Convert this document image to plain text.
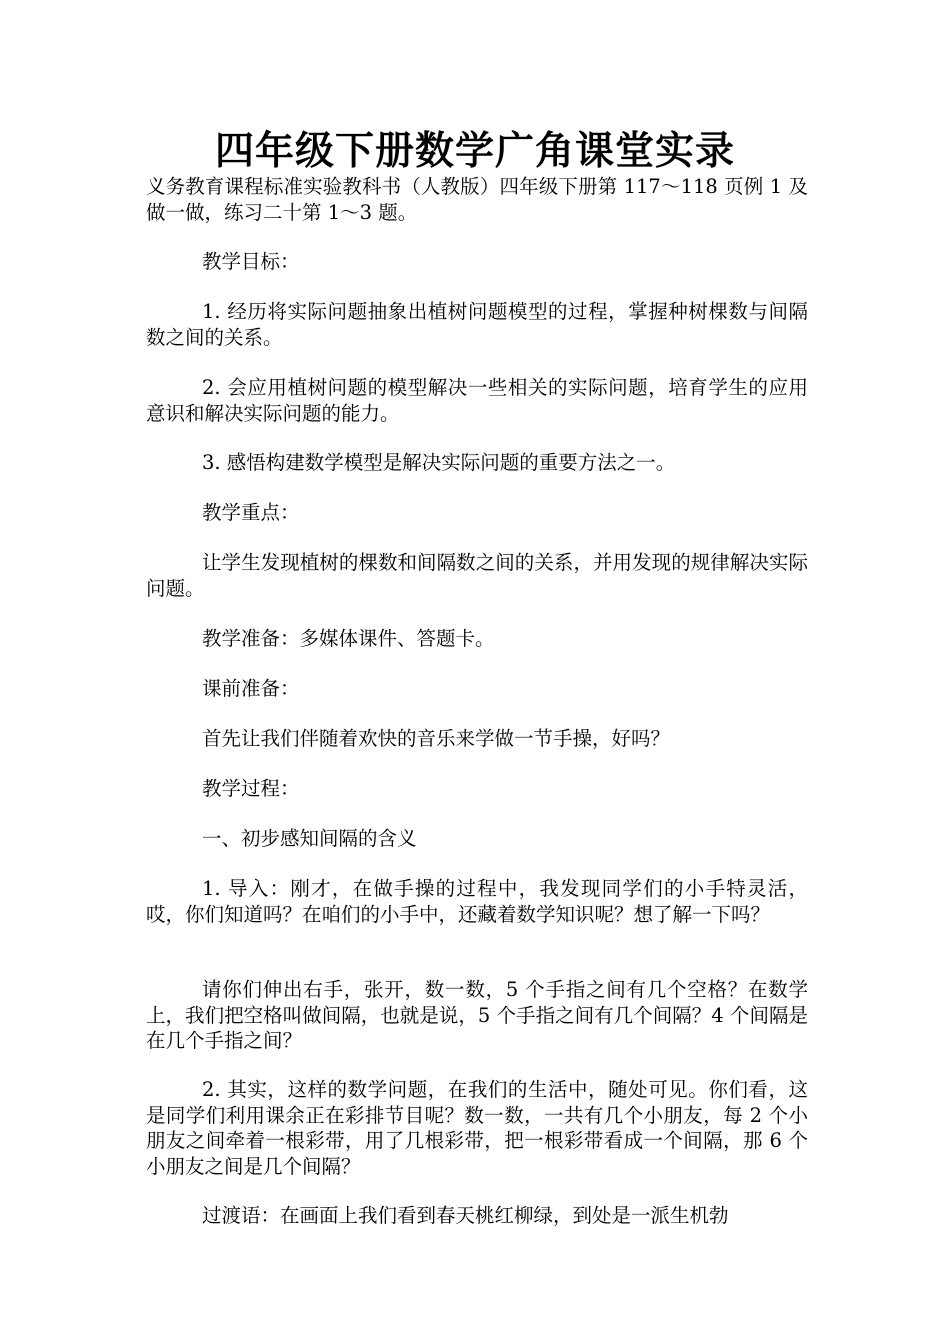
四年级下册数学广角课堂实录
义务教育课程标准实验教科书（人教版）四年级下册第 117～118 页例 1 及做一做，练习二十第 1～3 题。
教学目标：
1. 经历将实际问题抽象出植树问题模型的过程，掌握种树棵数与间隔数之间的关系。
2. 会应用植树问题的模型解决一些相关的实际问题，培育学生的应用意识和解决实际问题的能力。
3. 感悟构建数学模型是解决实际问题的重要方法之一。
教学重点：
让学生发现植树的棵数和间隔数之间的关系，并用发现的规律解决实际问题。
教学准备：多媒体课件、答题卡。
课前准备：
首先让我们伴随着欢快的音乐来学做一节手操，好吗？
教学过程：
一、初步感知间隔的含义
1. 导入：刚才，在做手操的过程中，我发现同学们的小手特灵活，哎，你们知道吗？在咱们的小手中，还藏着数学知识呢？想了解一下吗？
请你们伸出右手，张开，数一数，5 个手指之间有几个空格？在数学上，我们把空格叫做间隔，也就是说，5 个手指之间有几个间隔？4 个间隔是在几个手指之间？
2. 其实，这样的数学问题，在我们的生活中，随处可见。你们看，这是同学们利用课余正在彩排节目呢？数一数，一共有几个小朋友，每 2 个小朋友之间牵着一根彩带，用了几根彩带，把一根彩带看成一个间隔，那 6 个小朋友之间是几个间隔？
过渡语：在画面上我们看到春天桃红柳绿，到处是一派生机勃
